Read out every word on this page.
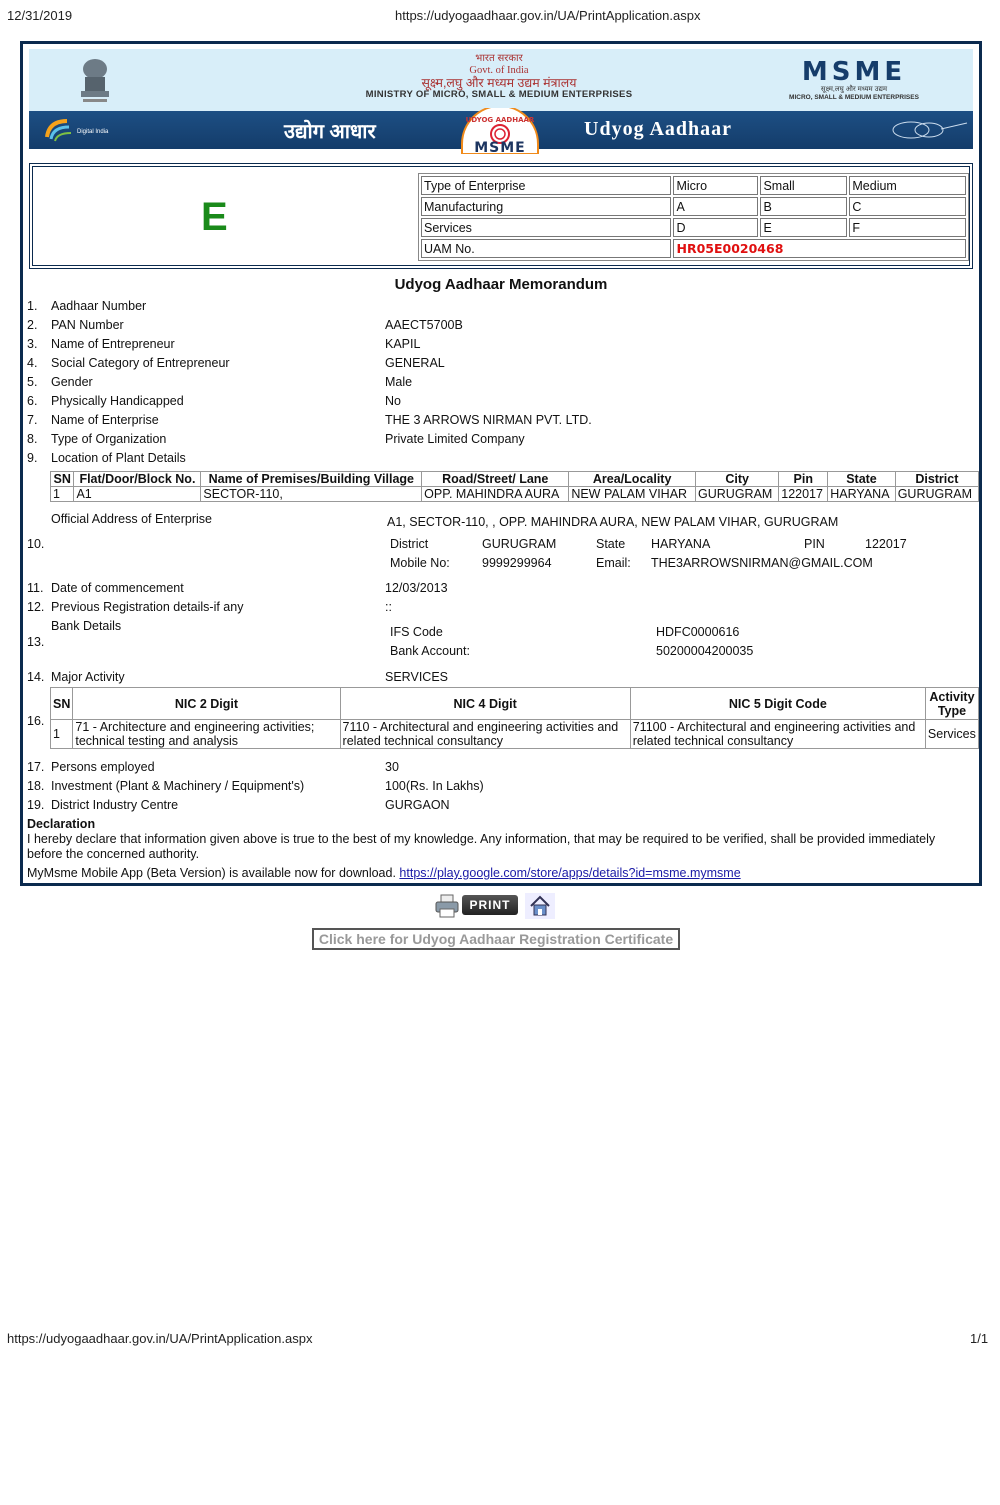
12/31/2019	https://udyogaadhaar.gov.in/UA/PrintApplication.aspx
भारत सरकार
Govt. of India
सूक्ष्म,लघु और मध्यम उद्यम मंत्रालय
MINISTRY OF MICRO, SMALL & MEDIUM ENTERPRISES
MSME
सूक्ष्म,लघु और मध्यम उद्यम
MICRO, SMALL & MEDIUM ENTERPRISES
Digital India	उद्योग आधार	Udyog Aadhaar
UDYOG AADHAAR
MSME
E
Type of Enterprise	Micro	Small	Medium
Manufacturing	A	B	C
Services	D	E	F
UAM No.	HR05E0020468		
Udyog Aadhaar Memorandum
1.	Aadhaar Number
2.	PAN Number	AAECT5700B
3.	Name of Entrepreneur	KAPIL
4.	Social Category of Entrepreneur	GENERAL
5.	Gender	Male
6.	Physically Handicapped	No
7.	Name of Enterprise	THE 3 ARROWS NIRMAN PVT. LTD.
8.	Type of Organization	Private Limited Company
9.	Location of Plant Details
SN	Flat/Door/Block No.	Name of Premises/Building Village	Road/Street/ Lane	Area/Locality	City	Pin	State	District
1	A1	SECTOR-110,	OPP. MAHINDRA AURA	NEW PALAM VIHAR	GURUGRAM	122017	HARYANA	GURUGRAM
Official Address of Enterprise	A1, SECTOR-110, , OPP. MAHINDRA AURA, NEW PALAM VIHAR, GURUGRAM
10.	District	GURUGRAM	State HARYANA	PIN	122017
Mobile No:	9999299964	Email: THE3ARROWSNIRMAN@GMAIL.COM
11. Date of commencement	12/03/2013
12. Previous Registration details-if any	::
Bank Details
13.
IFS Code	HDFC0000616
Bank Account:	50200004200035
14. Major Activity	SERVICES
16.
SN	NIC 2 Digit	NIC 4 Digit	NIC 5 Digit Code	Activity Type
1	71 - Architecture and engineering activities; technical testing and analysis	7110 - Architectural and engineering activities and related technical consultancy	71100 - Architectural and engineering activities and related technical consultancy	Services
17. Persons employed	30
18. Investment (Plant & Machinery / Equipment's)	100(Rs. In Lakhs)
19. District Industry Centre	GURGAON
Declaration
I hereby declare that information given above is true to the best of my knowledge. Any information, that may be required to be verified, shall be provided immediately before the concerned authority.
MyMsme Mobile App (Beta Version) is available now for download. https://play.google.com/store/apps/details?id=msme.mymsme
PRINT
Click here for Udyog Aadhaar Registration Certificate
https://udyogaadhaar.gov.in/UA/PrintApplication.aspx	1/1
